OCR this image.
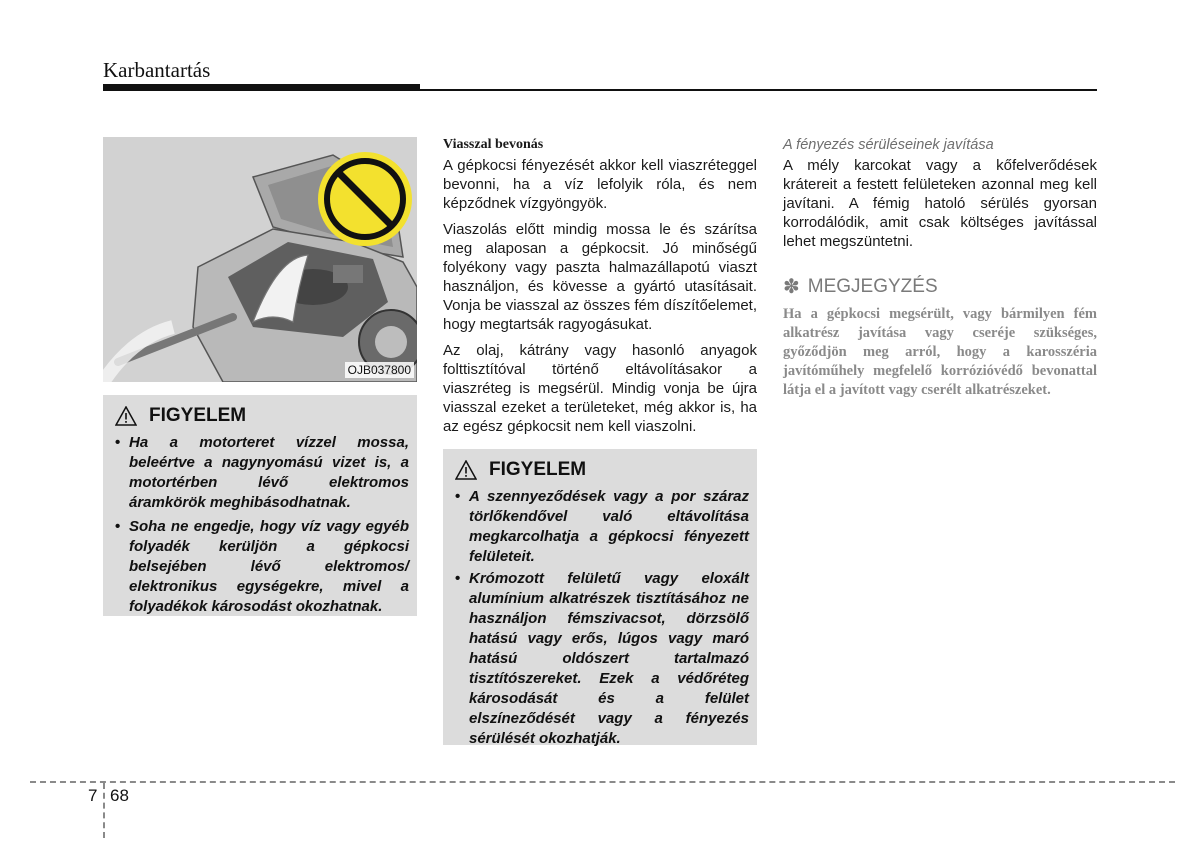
Karbantartás
OJB037800
FIGYELEM
• Ha a motorteret vízzel mossa, beleértve a nagynyomású vizet is, a motortérben lévő elektromos áramkörök meghibásodhatnak.
• Soha ne engedje, hogy víz vagy egyéb folyadék kerüljön a gépkocsi belsejében lévő elektromos/ elektronikus egységekre, mivel a folyadékok károsodást okozhatnak.
Viasszal bevonás

A gépkocsi fényezését akkor kell viaszréteggel bevonni, ha a víz lefolyik róla, és nem képződnek vízgyöngyök.

Viaszolás előtt mindig mossa le és szárítsa meg alaposan a gépkocsit. Jó minőségű folyékony vagy paszta halmazállapotú viaszt használjon, és kövesse a gyártó utasításait. Vonja be viasszal az összes fém díszítőelemet, hogy megtartsák ragyogásukat.

Az olaj, kátrány vagy hasonló anyagok folttisztítóval történő eltávolításakor a viaszréteg is megsérül. Mindig vonja be újra viasszal ezeket a területeket, még akkor is, ha az egész gépkocsit nem kell viaszolni.

FIGYELEM
• A szennyeződések vagy a por száraz törlőkendővel való eltávolítása megkarcolhatja a gépkocsi fényezett felületeit.
• Krómozott felületű vagy eloxált alumínium alkatrészek tisztításához ne használjon fémszivacsot, dörzsölő hatású vagy erős, lúgos vagy maró hatású oldószert tartalmazó tisztítószereket. Ezek a védőréteg károsodását és a felület elszíneződését vagy a fényezés sérülését okozhatják.
A fényezés sérüléseinek javítása

A mély karcokat vagy a kőfelverődések krátereit a festett felületeken azonnal meg kell javítani. A fémig hatoló sérülés gyorsan korrodálódik, amit csak költséges javítással lehet megszüntetni.

✽ MEGJEGYZÉS

Ha a gépkocsi megsérült, vagy bármilyen fém alkatrész javítása vagy cseréje szükséges, győződjön meg arról, hogy a karosszéria javítóműhely megfelelő korrózióvédő bevonattal látja el a javított vagy cserélt alkatrészeket.

7 68
